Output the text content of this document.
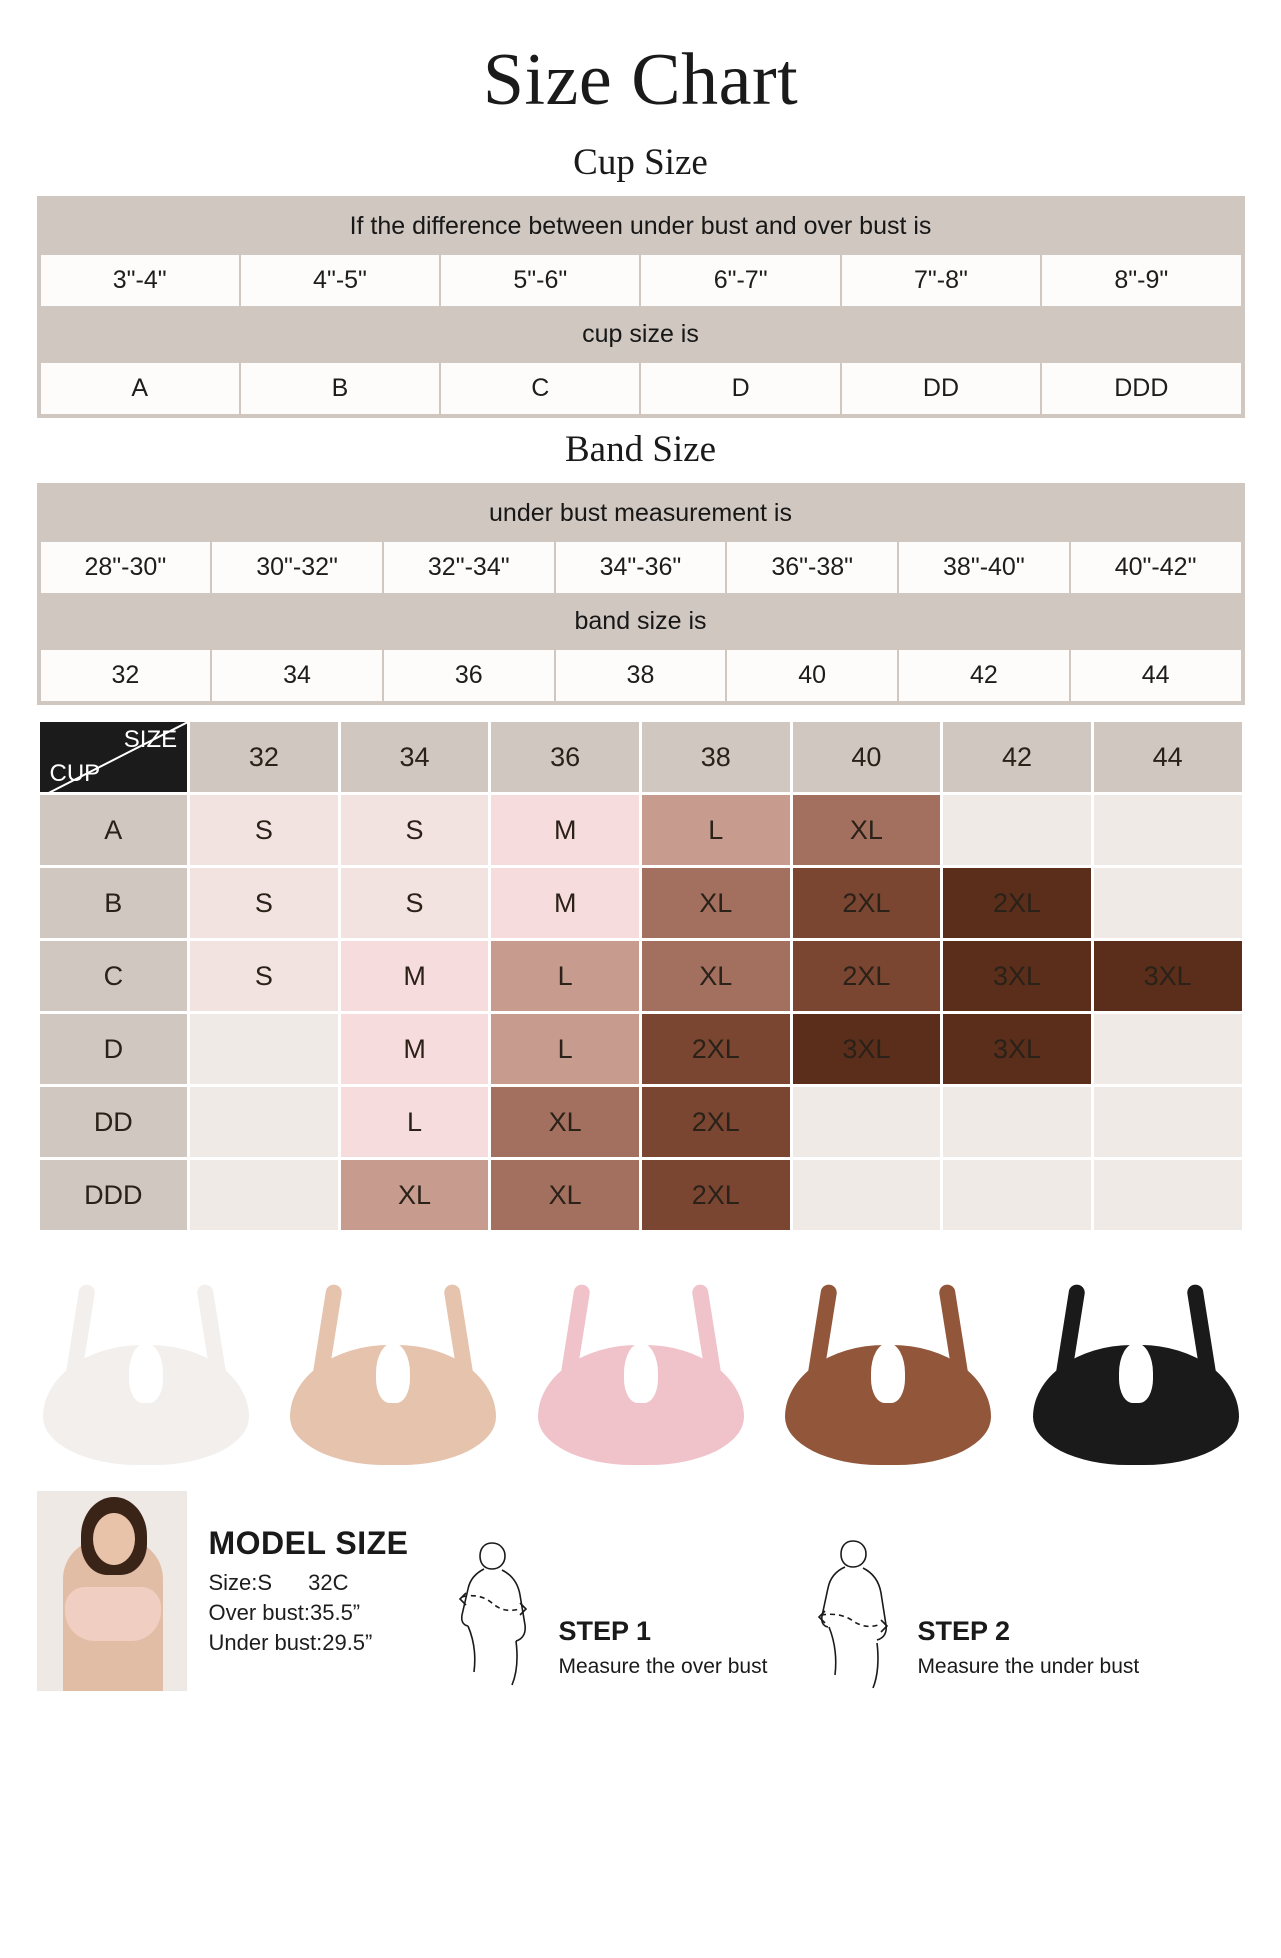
Size Chart
Cup Size
If the difference between under bust and over bust is					
3"-4"	4"-5"	5"-6"	6"-7"	7"-8"	8"-9"
cup size is					
A	B	C	D	DD	DDD
Band Size
under bust measurement is						
28"-30"	30"-32"	32"-34"	34"-36"	36"-38"	38"-40"	40"-42"
band size is						
32	34	36	38	40	42	44
SIZE
CUP	32	34	36	38	40	42	44
A	S	S	M	L	XL		
B	S	S	M	XL	2XL	2XL	
C	S	M	L	XL	2XL	3XL	3XL
D		M	L	2XL	3XL	3XL	
DD		L	XL	2XL			
DDD		XL	XL	2XL			
MODEL SIZE
Size:S 32C
Over bust:35.5”
Under bust:29.5”	STEP 1
Measure the over bust
STEP 2
Measure the under bust
